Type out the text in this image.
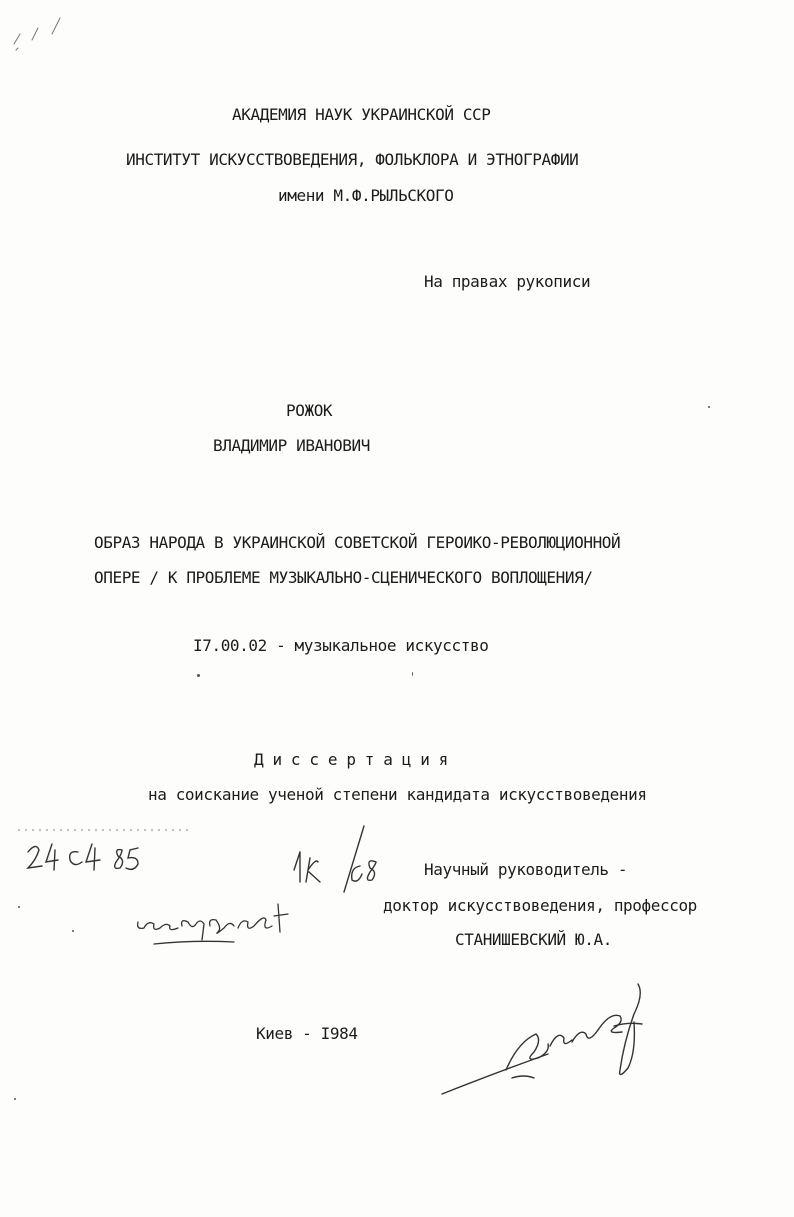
АКАДЕМИЯ НАУК УКРАИНСКОЙ ССР
ИНСТИТУТ ИСКУССТВОВЕДЕНИЯ, ФОЛЬКЛОРА И ЭТНОГРАФИИ
имени М.Ф.РЫЛЬСКОГО
На правах рукописи
РОЖОК
ВЛАДИМИР ИВАНОВИЧ
ОБРАЗ НАРОДА В УКРАИНСКОЙ СОВЕТСКОЙ ГЕРОИКО-РЕВОЛЮЦИОННОЙ
ОПЕРЕ / К ПРОБЛЕМЕ МУЗЫКАЛЬНО-СЦЕНИЧЕСКОГО ВОПЛОЩЕНИЯ/
I7.00.02 - музыкальное искусство
Д и с с е р т а ц и я
на соискание ученой степени кандидата искусствоведения
Научный руководитель -
доктор искусствоведения, профессор
СТАНИШЕВСКИЙ Ю.А.
Киев - I984
